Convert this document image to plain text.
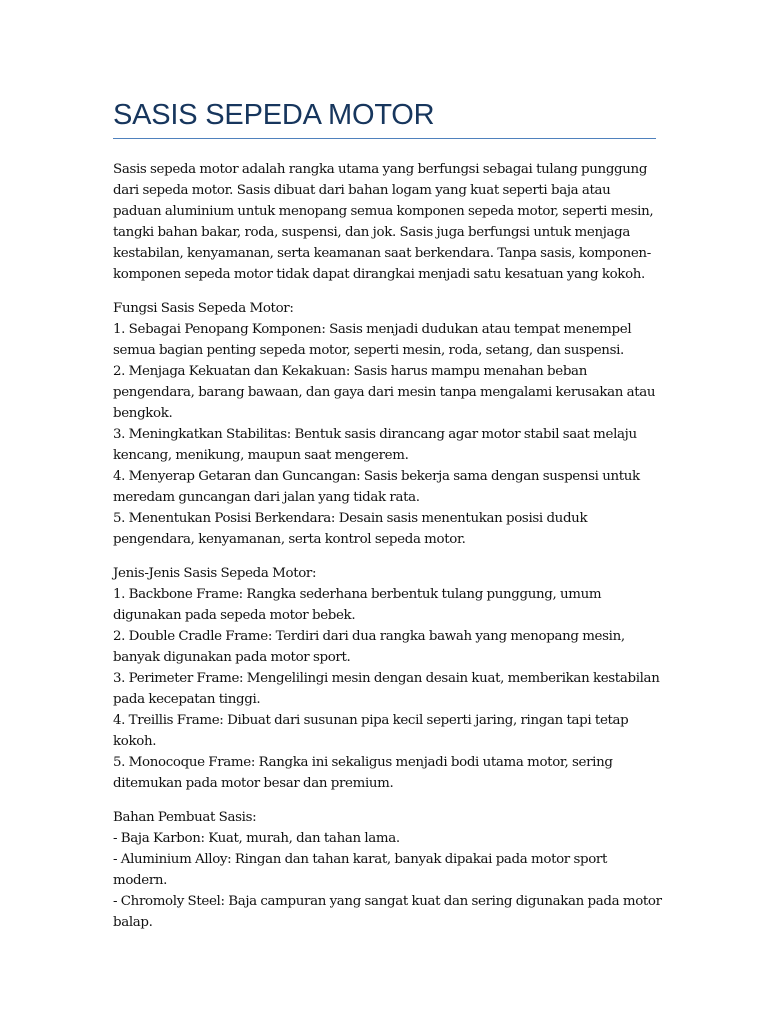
SASIS SEPEDA MOTOR

Sasis sepeda motor adalah rangka utama yang berfungsi sebagai tulang punggung
dari sepeda motor. Sasis dibuat dari bahan logam yang kuat seperti baja atau
paduan aluminium untuk menopang semua komponen sepeda motor, seperti mesin,
tangki bahan bakar, roda, suspensi, dan jok. Sasis juga berfungsi untuk menjaga
kestabilan, kenyamanan, serta keamanan saat berkendara. Tanpa sasis, komponen-
komponen sepeda motor tidak dapat dirangkai menjadi satu kesatuan yang kokoh.

Fungsi Sasis Sepeda Motor:
1. Sebagai Penopang Komponen: Sasis menjadi dudukan atau tempat menempel
semua bagian penting sepeda motor, seperti mesin, roda, setang, dan suspensi.
2. Menjaga Kekuatan dan Kekakuan: Sasis harus mampu menahan beban
pengendara, barang bawaan, dan gaya dari mesin tanpa mengalami kerusakan atau
bengkok.
3. Meningkatkan Stabilitas: Bentuk sasis dirancang agar motor stabil saat melaju
kencang, menikung, maupun saat mengerem.
4. Menyerap Getaran dan Guncangan: Sasis bekerja sama dengan suspensi untuk
meredam guncangan dari jalan yang tidak rata.
5. Menentukan Posisi Berkendara: Desain sasis menentukan posisi duduk
pengendara, kenyamanan, serta kontrol sepeda motor.

Jenis-Jenis Sasis Sepeda Motor:
1. Backbone Frame: Rangka sederhana berbentuk tulang punggung, umum
digunakan pada sepeda motor bebek.
2. Double Cradle Frame: Terdiri dari dua rangka bawah yang menopang mesin,
banyak digunakan pada motor sport.
3. Perimeter Frame: Mengelilingi mesin dengan desain kuat, memberikan kestabilan
pada kecepatan tinggi.
4. Treillis Frame: Dibuat dari susunan pipa kecil seperti jaring, ringan tapi tetap
kokoh.
5. Monocoque Frame: Rangka ini sekaligus menjadi bodi utama motor, sering
ditemukan pada motor besar dan premium.

Bahan Pembuat Sasis:
- Baja Karbon: Kuat, murah, dan tahan lama.
- Aluminium Alloy: Ringan dan tahan karat, banyak dipakai pada motor sport
modern.
- Chromoly Steel: Baja campuran yang sangat kuat dan sering digunakan pada motor
balap.
